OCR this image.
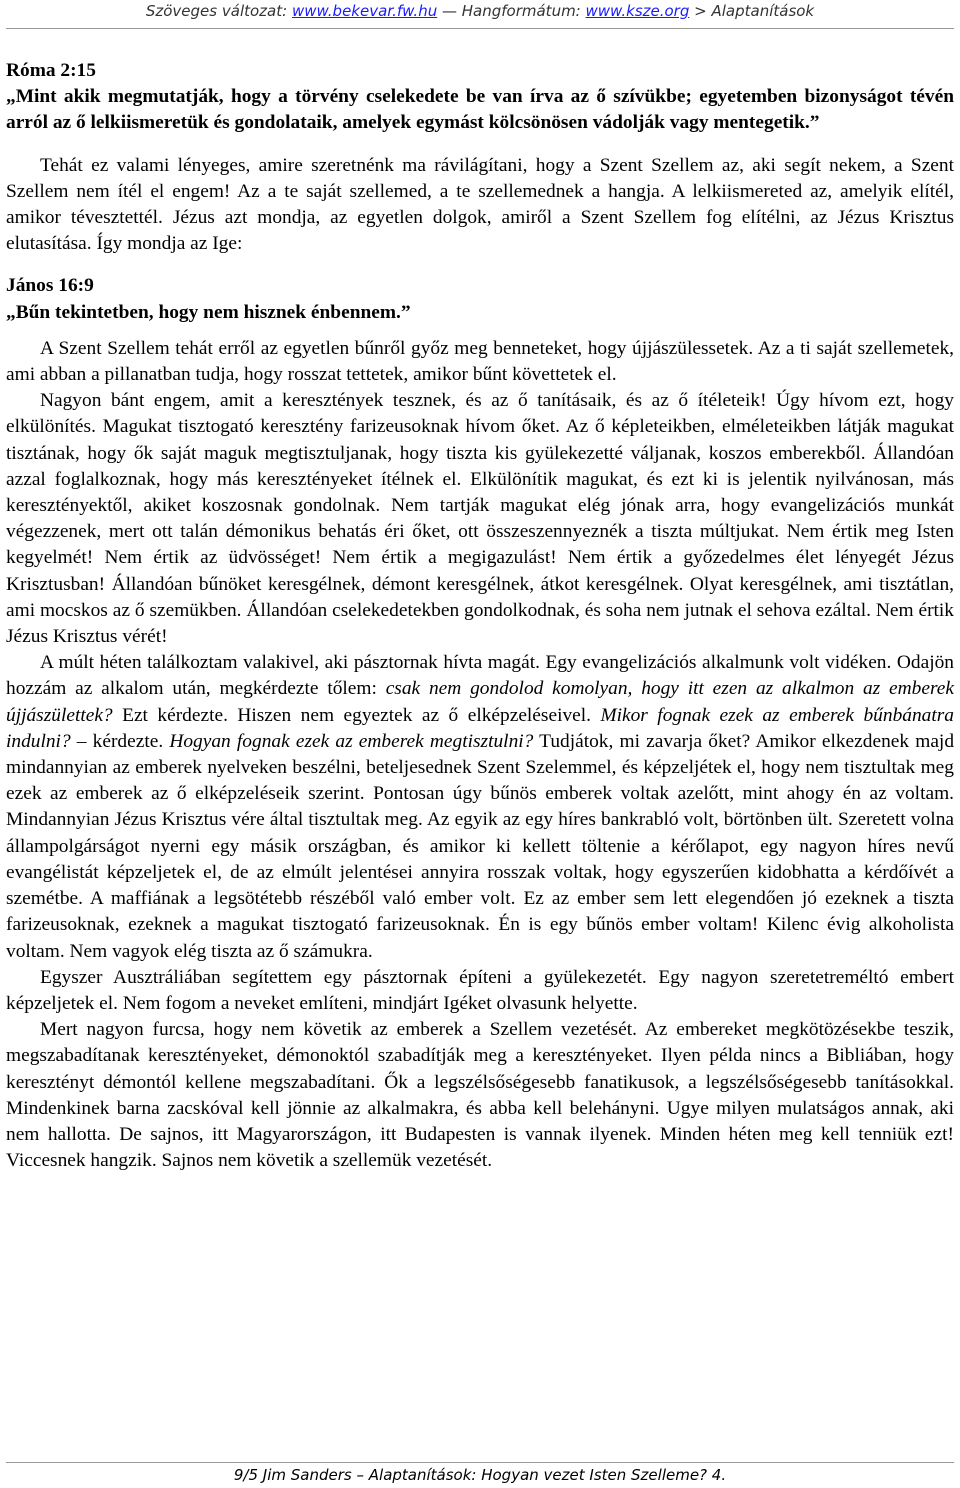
Szöveges változat: www.bekevar.fw.hu — Hangformátum: www.ksze.org > Alaptanítások

Róma 2:15

„Mint akik megmutatják, hogy a törvény cselekedete be van írva az ő szívükbe; egyetemben bizonyságot tévén arról az ő lelkiismeretük és gondolataik, amelyek egymást kölcsönösen vádolják vagy mentegetik.”

Tehát ez valami lényeges, amire szeretnénk ma rávilágítani, hogy a Szent Szellem az, aki segít nekem, a Szent Szellem nem ítél el engem! Az a te saját szellemed, a te szellemednek a hangja. A lelkiismereted az, amelyik elítél, amikor tévesztettél. Jézus azt mondja, az egyetlen dolgok, amiről a Szent Szellem fog elítélni, az Jézus Krisztus elutasítása. Így mondja az Ige:

János 16:9

„Bűn tekintetben, hogy nem hisznek énbennem.”

A Szent Szellem tehát erről az egyetlen bűnről győz meg benneteket, hogy újjászülessetek. Az a ti saját szellemetek, ami abban a pillanatban tudja, hogy rosszat tettetek, amikor bűnt követtetek el.

Nagyon bánt engem, amit a keresztények tesznek, és az ő tanításaik, és az ő ítéleteik! Úgy hívom ezt, hogy elkülönítés. Magukat tisztogató keresztény farizeusoknak hívom őket. Az ő képleteikben, elméleteikben látják magukat tisztának, hogy ők saját maguk megtisztuljanak, hogy tiszta kis gyülekezetté váljanak, koszos emberekből. Állandóan azzal foglalkoznak, hogy más keresztényeket ítélnek el. Elkülönítik magukat, és ezt ki is jelentik nyilvánosan, más keresztényektől, akiket koszosnak gondolnak. Nem tartják magukat elég jónak arra, hogy evangelizációs munkát végezzenek, mert ott talán démonikus behatás éri őket, ott összeszennyeznék a tiszta múltjukat. Nem értik meg Isten kegyelmét! Nem értik az üdvösséget! Nem értik a megigazulást! Nem értik a győzedelmes élet lényegét Jézus Krisztusban! Állandóan bűnöket keresgélnek, démont keresgélnek, átkot keresgélnek. Olyat keresgélnek, ami tisztátlan, ami mocskos az ő szemükben. Állandóan cselekedetekben gondolkodnak, és soha nem jutnak el sehova ezáltal. Nem értik Jézus Krisztus vérét!

A múlt héten találkoztam valakivel, aki pásztornak hívta magát. Egy evangelizációs alkalmunk volt vidéken. Odajön hozzám az alkalom után, megkérdezte tőlem: csak nem gondolod komolyan, hogy itt ezen az alkalmon az emberek újjászülettek? Ezt kérdezte. Hiszen nem egyeztek az ő elképzeléseivel. Mikor fognak ezek az emberek bűnbánatra indulni? – kérdezte. Hogyan fognak ezek az emberek megtisztulni? Tudjátok, mi zavarja őket? Amikor elkezdenek majd mindannyian az emberek nyelveken beszélni, beteljesednek Szent Szelemmel, és képzeljétek el, hogy nem tisztultak meg ezek az emberek az ő elképzeléseik szerint. Pontosan úgy bűnös emberek voltak azelőtt, mint ahogy én az voltam. Mindannyian Jézus Krisztus vére által tisztultak meg. Az egyik az egy híres bankrabló volt, börtönben ült. Szeretett volna állampolgárságot nyerni egy másik országban, és amikor ki kellett töltenie a kérőlapot, egy nagyon híres nevű evangélistát képzeljetek el, de az elmúlt jelentései annyira rosszak voltak, hogy egyszerűen kidobhatta a kérdőívét a szemétbe. A maffiának a legsötétebb részéből való ember volt. Ez az ember sem lett elegendően jó ezeknek a tiszta farizeusoknak, ezeknek a magukat tisztogató farizeusoknak. Én is egy bűnös ember voltam! Kilenc évig alkoholista voltam. Nem vagyok elég tiszta az ő számukra.

Egyszer Ausztráliában segítettem egy pásztornak építeni a gyülekezetét. Egy nagyon szeretetreméltó embert képzeljetek el. Nem fogom a neveket említeni, mindjárt Igéket olvasunk helyette.

Mert nagyon furcsa, hogy nem követik az emberek a Szellem vezetését. Az embereket megkötözésekbe teszik, megszabadítanak keresztényeket, démonoktól szabadítják meg a keresztényeket. Ilyen példa nincs a Bibliában, hogy keresztényt démontól kellene megszabadítani. Ők a legszélsőségesebb fanatikusok, a legszélsőségesebb tanításokkal. Mindenkinek barna zacskóval kell jönnie az alkalmakra, és abba kell belehányni. Ugye milyen mulatságos annak, aki nem hallotta. De sajnos, itt Magyarországon, itt Budapesten is vannak ilyenek. Minden héten meg kell tenniük ezt! Viccesnek hangzik. Sajnos nem követik a szellemük vezetését.

9/5 Jim Sanders – Alaptanítások: Hogyan vezet Isten Szelleme? 4.
